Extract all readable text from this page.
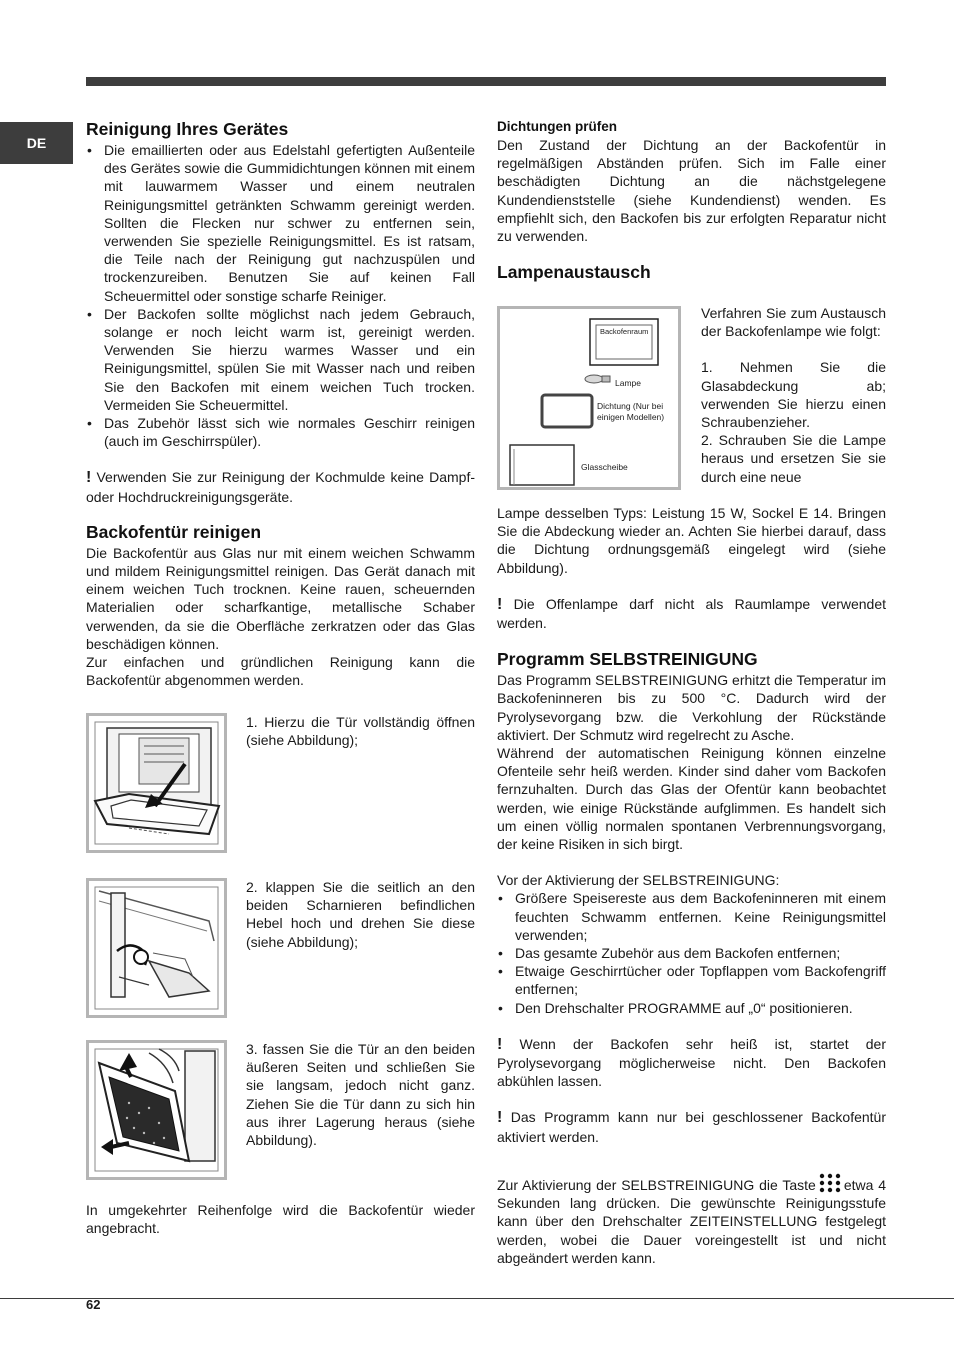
DE
Reinigung Ihres Gerätes
• Die emaillierten oder aus Edelstahl gefertigten Außenteile des Gerätes sowie die Gummidichtungen können mit einem mit lauwarmem Wasser und einem neutralen Reinigungsmittel getränkten Schwamm gereinigt werden. Sollten die Flecken nur schwer zu entfernen sein, verwenden Sie spezielle Reinigungsmittel. Es ist ratsam, die Teile nach der Reinigung gut nachzuspülen und trockenzureiben. Benutzen Sie auf keinen Fall Scheuermittel oder sonstige scharfe Reiniger.
• Der Backofen sollte möglichst nach jedem Gebrauch, solange er noch leicht warm ist, gereinigt werden. Verwenden Sie hierzu warmes Wasser und ein Reinigungsmittel, spülen Sie mit Wasser nach und reiben Sie den Backofen mit einem weichen Tuch trocken. Vermeiden Sie Scheuermittel.
• Das Zubehör lässt sich wie normales Geschirr reinigen (auch im Geschirrspüler).

! Verwenden Sie zur Reinigung der Kochmulde keine Dampf- oder Hochdruckreinigungsgeräte.

Backofentür reinigen

Die Backofentür aus Glas nur mit einem weichen Schwamm und mildem Reinigungsmittel reinigen. Das Gerät danach mit einem weichen Tuch trocknen. Keine rauen, scheuernden Materialien oder scharfkantige, metallische Schaber verwenden, da sie die Oberfläche zerkratzen oder das Glas beschädigen können.

Zur einfachen und gründlichen Reinigung kann die Backofentür abgenommen werden.

1. Hierzu die Tür vollständig öffnen (siehe Abbildung);
2. klappen Sie die seitlich an den beiden Scharnieren befindlichen Hebel hoch und drehen Sie diese (siehe Abbildung);
3. fassen Sie die Tür an den beiden äußeren Seiten und schließen Sie sie langsam, jedoch nicht ganz. Ziehen Sie die Tür dann zu sich hin aus ihrer Lagerung heraus (siehe Abbildung).

In umgekehrter Reihenfolge wird die Backofentür wieder angebracht.

Dichtungen prüfen

Den Zustand der Dichtung an der Backofentür in regelmäßigen Abständen prüfen. Sich im Falle einer beschädigten Dichtung an die nächstgelegene Kundendienststelle (siehe Kundendienst) wenden. Es empfiehlt sich, den Backofen bis zur erfolgten Reparatur nicht zu verwenden.

Lampenaustausch
Backofenraum
Lampe
Dichtung (Nur bei einigen Modellen)
Glasscheibe

Verfahren Sie zum Austausch der Backofenlampe wie folgt:

1. Nehmen Sie die Glasabdeckung ab; verwenden Sie hierzu einen Schraubenzieher.

2. Schrauben Sie die Lampe heraus und ersetzen Sie sie durch eine neue

Lampe desselben Typs: Leistung 15 W, Sockel E 14. Bringen Sie die Abdeckung wieder an. Achten Sie hierbei darauf, dass die Dichtung ordnungsgemäß eingelegt wird (siehe Abbildung).

! Die Offenlampe darf nicht als Raumlampe verwendet werden.

Programm SELBSTREINIGUNG

Das Programm SELBSTREINIGUNG erhitzt die Temperatur im Backofeninneren bis zu 500 °C. Dadurch wird der Pyrolysevorgang bzw. die Verkohlung der Rückstände aktiviert. Der Schmutz wird regelrecht zu Asche.

Während der automatischen Reinigung können einzelne Ofenteile sehr heiß werden. Kinder sind daher vom Backofen fernzuhalten. Durch das Glas der Ofentür kann beobachtet werden, wie einige Rückstände aufglimmen. Es handelt sich um einen völlig normalen spontanen Verbrennungsvorgang, der keine Risiken in sich birgt.

Vor der Aktivierung der SELBSTREINIGUNG:

• Größere Speisereste aus dem Backofeninneren mit einem feuchten Schwamm entfernen. Keine Reinigungsmittel verwenden;
• Das gesamte Zubehör aus dem Backofen entfernen;
• Etwaige Geschirrtücher oder Topflappen vom Backofengriff entfernen;
• Den Drehschalter PROGRAMME auf „0“ positionieren.

! Wenn der Backofen sehr heiß ist, startet der Pyrolysevorgang möglicherweise nicht. Den Backofen abkühlen lassen.

! Das Programm kann nur bei geschlossener Backofentür aktiviert werden.

Zur Aktivierung der SELBSTREINIGUNG die Taste etwa 4 Sekunden lang drücken. Die gewünschte Reinigungsstufe kann über den Drehschalter ZEITEINSTELLUNG festgelegt werden, wobei die Dauer voreingestellt ist und nicht abgeändert werden kann.

62
